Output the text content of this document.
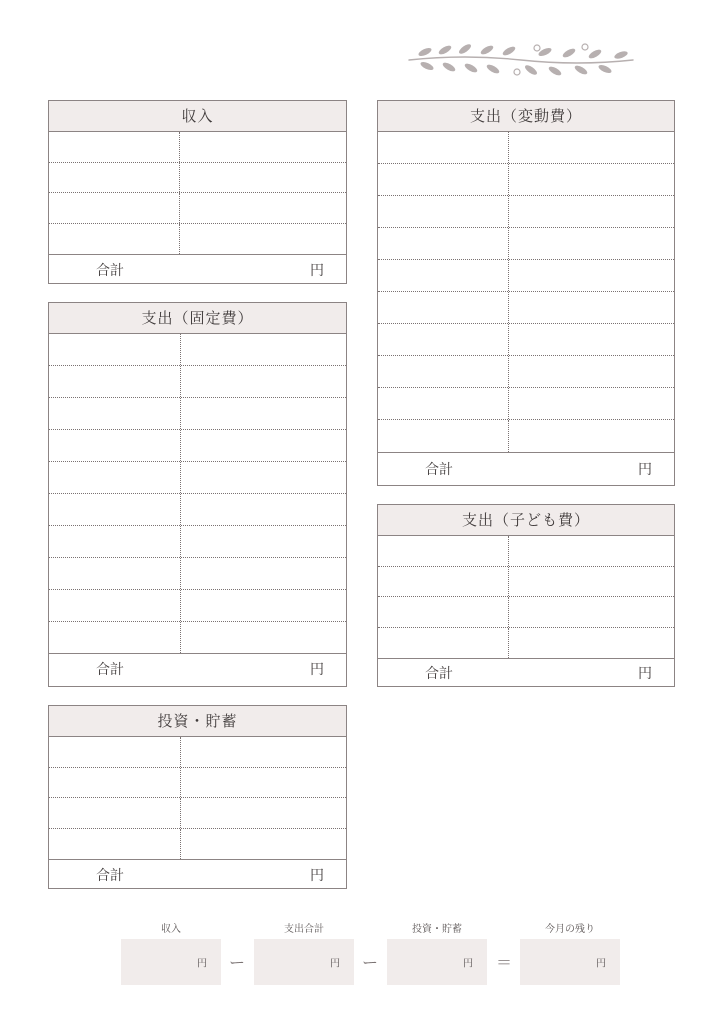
収入
合計	円
支出（固定費）
合計	円
投資・貯蓄
合計	円
支出（変動費）
合計	円
支出（子ども費）
合計	円
収入	支出合計	投資・貯蓄	今月の残り
円 ー	円 ー	円 ＝	円
